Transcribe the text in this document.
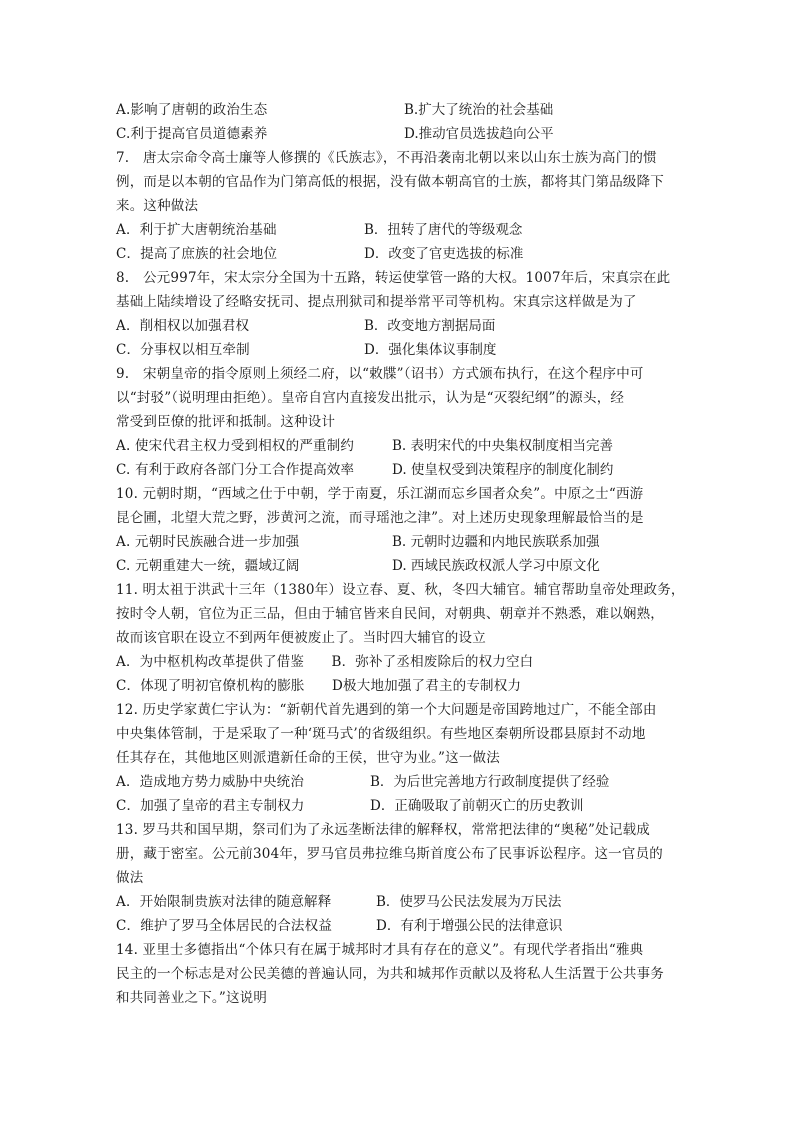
A.影响了唐朝的政治生态	B.扩大了统治的社会基础
C.利于提高官员道德素养	D.推动官员选拔趋向公平
7.　唐太宗命令高士廉等人修撰的《氏族志》，不再沿袭南北朝以来以山东士族为高门的惯
例，而是以本朝的官品作为门第高低的根据，没有做本朝高官的士族，都将其门第品级降下
来。这种做法
A．利于扩大唐朝统治基础	B．扭转了唐代的等级观念
C．提高了庶族的社会地位	D．改变了官吏选拔的标准
8.　公元997年，宋太宗分全国为十五路，转运使掌管一路的大权。1007年后，宋真宗在此
基础上陆续增设了经略安抚司、提点刑狱司和提举常平司等机构。宋真宗这样做是为了
A．削相权以加强君权	B．改变地方割据局面
C．分事权以相互牵制	D．强化集体议事制度
9.　宋朝皇帝的指令原则上须经二府，以“敕牒”（诏书）方式颁布执行，在这个程序中可
以“封驳”（说明理由拒绝）。皇帝自宫内直接发出批示，认为是“灭裂纪纲”的源头，经
常受到臣僚的批评和抵制。这种设计
A. 使宋代君主权力受到相权的严重制约	B. 表明宋代的中央集权制度相当完善
C. 有利于政府各部门分工合作提高效率	D. 使皇权受到决策程序的制度化制约
10. 元朝时期，“西域之仕于中朝，学于南夏，乐江湖而忘乡国者众矣”。中原之士“西游
昆仑圃，北望大荒之野，涉黄河之流，而寻瑶池之津”。对上述历史现象理解最恰当的是
A. 元朝时民族融合进一步加强	B. 元朝时边疆和内地民族联系加强
C. 元朝重建大一统，疆域辽阔	D. 西域民族政权派人学习中原文化
11. 明太祖于洪武十三年（1380年）设立春、夏、秋，冬四大辅官。辅官帮助皇帝处理政务，
按时令人朝，官位为正三品，但由于辅官皆来自民间，对朝典、朝章并不熟悉，难以娴熟，
故而该官职在设立不到两年便被废止了。当时四大辅官的设立
A．为中枢机构改革提供了借鉴　　B．弥补了丞相废除后的权力空白
C．体现了明初官僚机构的膨胀　　D极大地加强了君主的专制权力
12. 历史学家黄仁宇认为：“新朝代首先遇到的第一个大问题是帝国跨地过广，不能全部由
中央集体管制，于是采取了一种‘斑马式’的省级组织。有些地区秦朝所设郡县原封不动地
任其存在，其他地区则派遣新任命的王侯，世守为业。”这一做法
A．造成地方势力威胁中央统治	B．为后世完善地方行政制度提供了经验
C．加强了皇帝的君主专制权力	D．正确吸取了前朝灭亡的历史教训
13. 罗马共和国早期，祭司们为了永远垄断法律的解释权，常常把法律的“奥秘”处记载成
册，藏于密室。公元前304年，罗马官员弗拉维乌斯首度公布了民事诉讼程序。这一官员的
做法
A．开始限制贵族对法律的随意解释	B．使罗马公民法发展为万民法
C．维护了罗马全体居民的合法权益	D．有利于增强公民的法律意识
14. 亚里士多德指出“个体只有在属于城邦时才具有存在的意义”。有现代学者指出“雅典
民主的一个标志是对公民美德的普遍认同，为共和城邦作贡献以及将私人生活置于公共事务
和共同善业之下。”这说明
